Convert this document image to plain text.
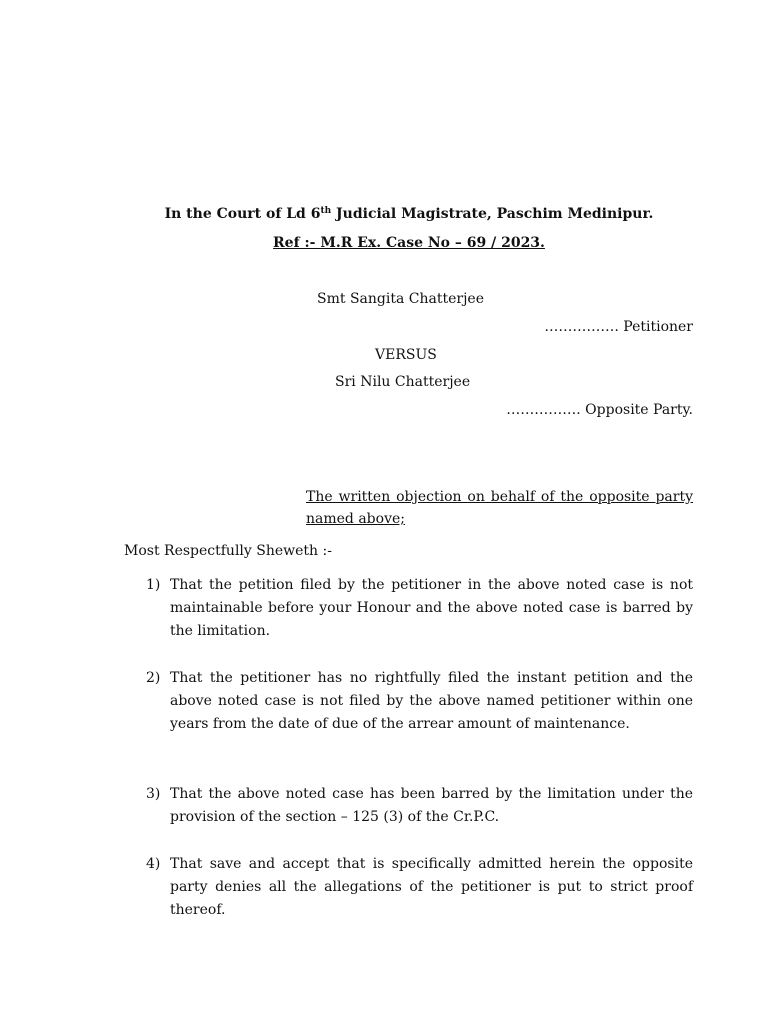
In the Court of Ld 6th Judicial Magistrate, Paschim Medinipur.
Ref :- M.R Ex. Case No – 69 / 2023.
Smt Sangita Chatterjee
……………. Petitioner
VERSUS
Sri Nilu Chatterjee
……………. Opposite Party.
The written objection on behalf of the opposite party named above;
Most Respectfully Sheweth :-
1) That the petition filed by the petitioner in the above noted case is not maintainable before your Honour and the above noted case is barred by the limitation.
2) That the petitioner has no rightfully filed the instant petition and the above noted case is not filed by the above named petitioner within one years from the date of due of the arrear amount of maintenance.
3) That the above noted case has been barred by the limitation under the provision of the section – 125 (3) of the Cr.P.C.
4) That save and accept that is specifically admitted herein the opposite party denies all the allegations of the petitioner is put to strict proof thereof.
